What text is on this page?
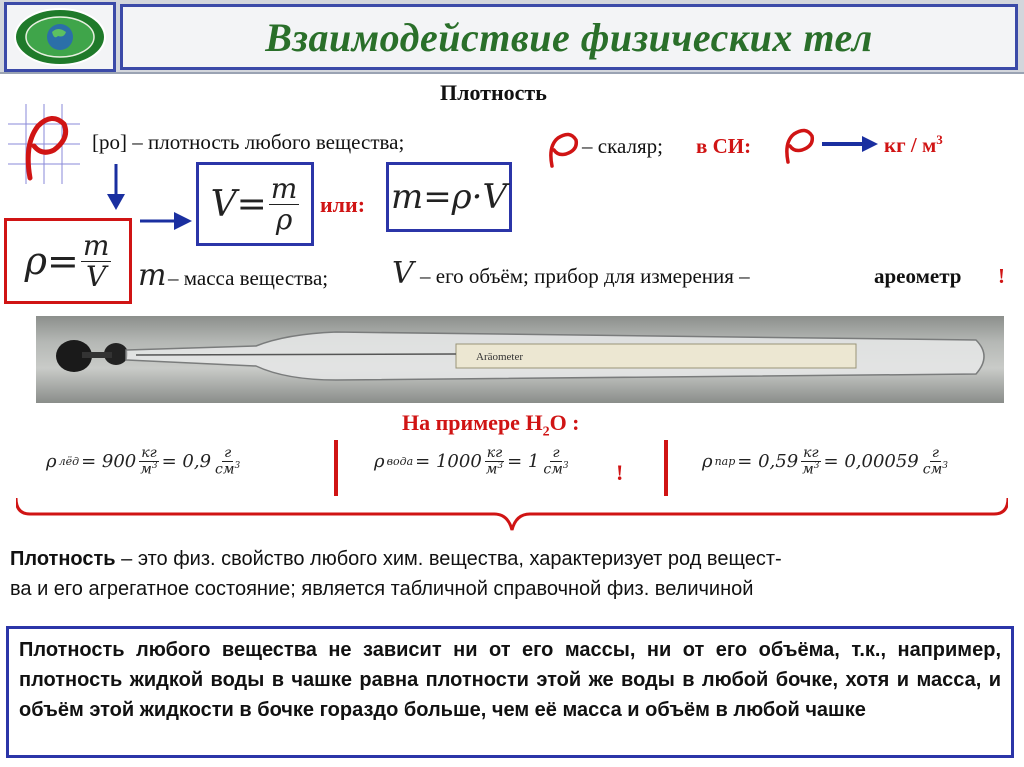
Взаимодействие физических тел
Плотность
[ро] – плотность любого вещества;	– скаляр; в СИ:	кг / $м^3$
$V= \frac{m}{\rho}$ или: m=ρ·V
$\rho= \frac{m}{V}$ m – масса вещества; V – его объём; прибор для измерения –	ареометр !
Aräometer
На примере $H_2O$ :
ρ лёд = $900 \frac{кг}{м^3} = 0,9 \frac{г}{см^3}$	ρ вода = $1000 \frac{кг}{м^3} = 1 \frac{г}{см^3}$ !	ρ пар = $0,59 \frac{кг}{м^3} = 0,00059 \frac{г}{см^3}$
Плотность – это физ. свойство любого хим. вещества, характеризует род вещест-
ва и его агрегатное состояние; является табличной справочной физ. величиной
Плотность любого вещества не зависит ни от его массы, ни от его объёма, т.к., например, плотность жидкой воды в чашке равна плотности этой же воды в любой бочке, хотя и масса, и объём этой жидкости в бочке гораздо больше, чем её масса и объём в любой чашке
